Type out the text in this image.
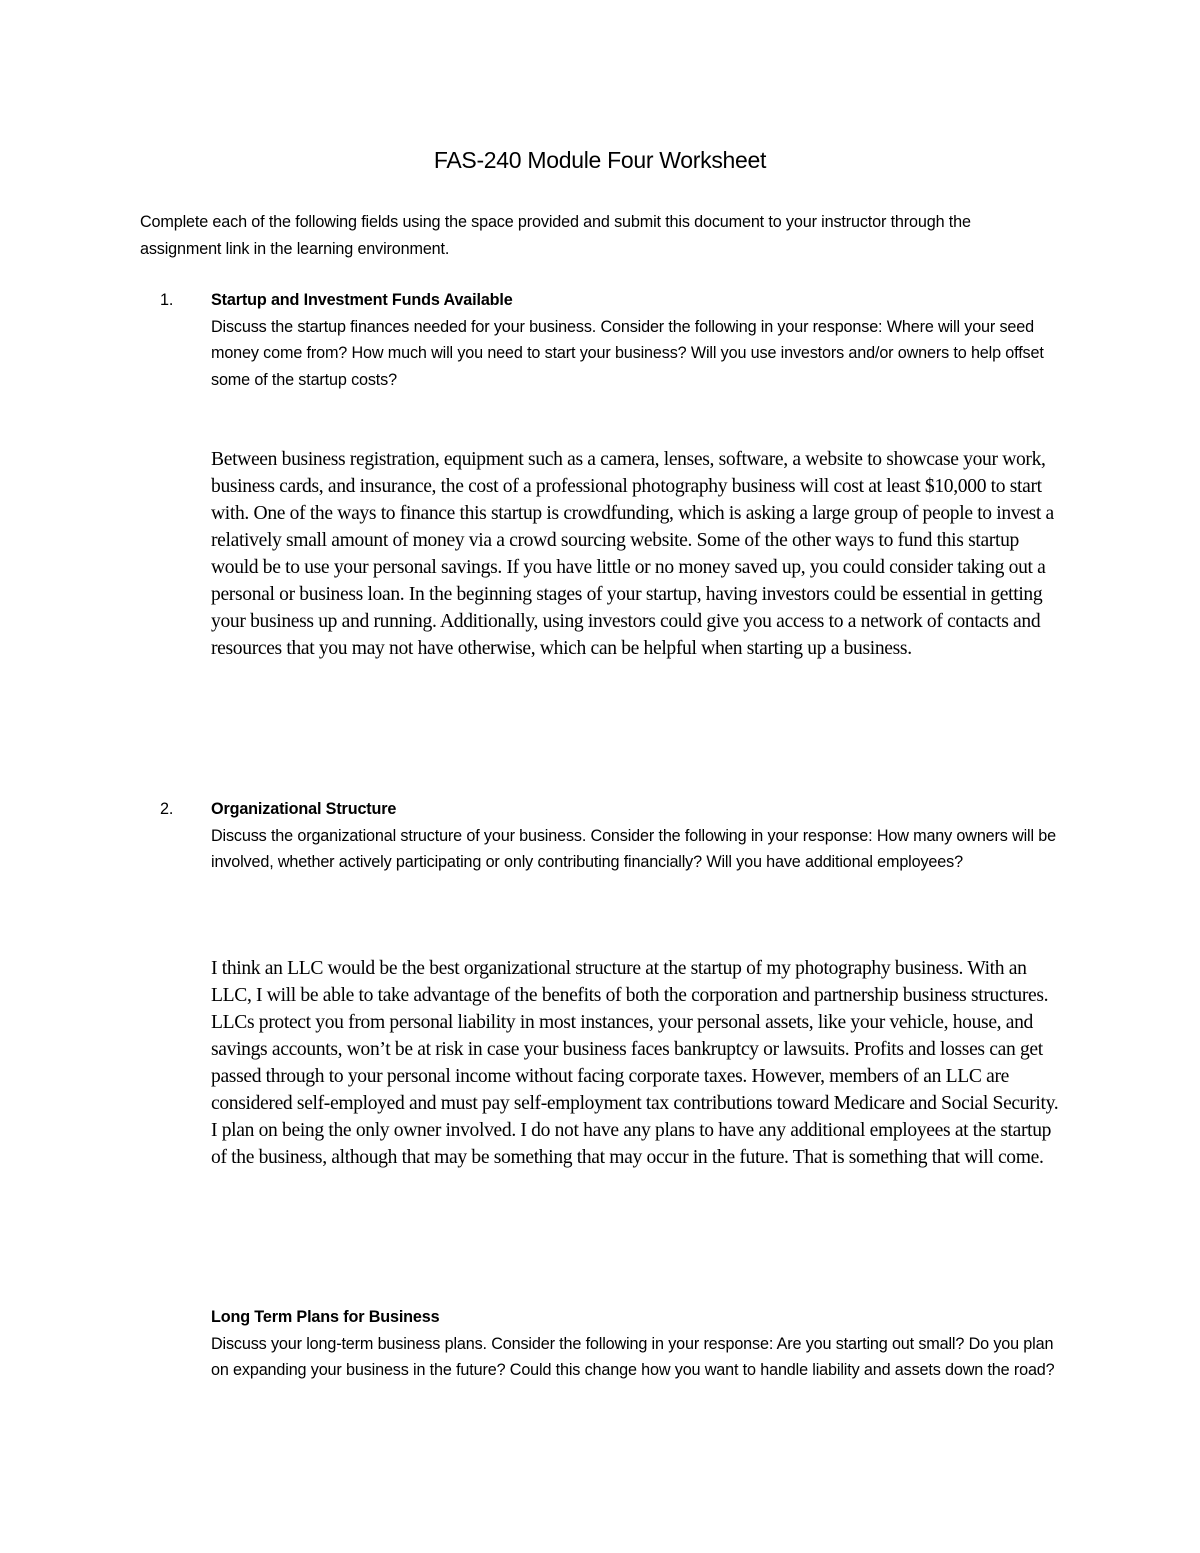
FAS-240 Module Four Worksheet

Complete each of the following fields using the space provided and submit this document to your instructor through the assignment link in the learning environment.

1.	Startup and Investment Funds Available

Discuss the startup finances needed for your business. Consider the following in your response: Where will your seed money come from? How much will you need to start your business? Will you use investors and/or owners to help offset some of the startup costs?

Between business registration, equipment such as a camera, lenses, software, a website to showcase your work, business cards, and insurance, the cost of a professional photography business will cost at least $10,000 to start with. One of the ways to finance this startup is crowdfunding, which is asking a large group of people to invest a relatively small amount of money via a crowd sourcing website. Some of the other ways to fund this startup would be to use your personal savings. If you have little or no money saved up, you could consider taking out a personal or business loan. In the beginning stages of your startup, having investors could be essential in getting your business up and running. Additionally, using investors could give you access to a network of contacts and resources that you may not have otherwise, which can be helpful when starting up a business.

2.	Organizational Structure

Discuss the organizational structure of your business. Consider the following in your response: How many owners will be involved, whether actively participating or only contributing financially? Will you have additional employees?

I think an LLC would be the best organizational structure at the startup of my photography business. With an LLC, I will be able to take advantage of the benefits of both the corporation and partnership business structures. LLCs protect you from personal liability in most instances, your personal assets, like your vehicle, house, and savings accounts, won’t be at risk in case your business faces bankruptcy or lawsuits. Profits and losses can get passed through to your personal income without facing corporate taxes. However, members of an LLC are considered self-employed and must pay self-employment tax contributions toward Medicare and Social Security.

I plan on being the only owner involved. I do not have any plans to have any additional employees at the startup of the business, although that may be something that may occur in the future. That is something that will come.

Long Term Plans for Business

Discuss your long-term business plans. Consider the following in your response: Are you starting out small? Do you plan on expanding your business in the future? Could this change how you want to handle liability and assets down the road?
